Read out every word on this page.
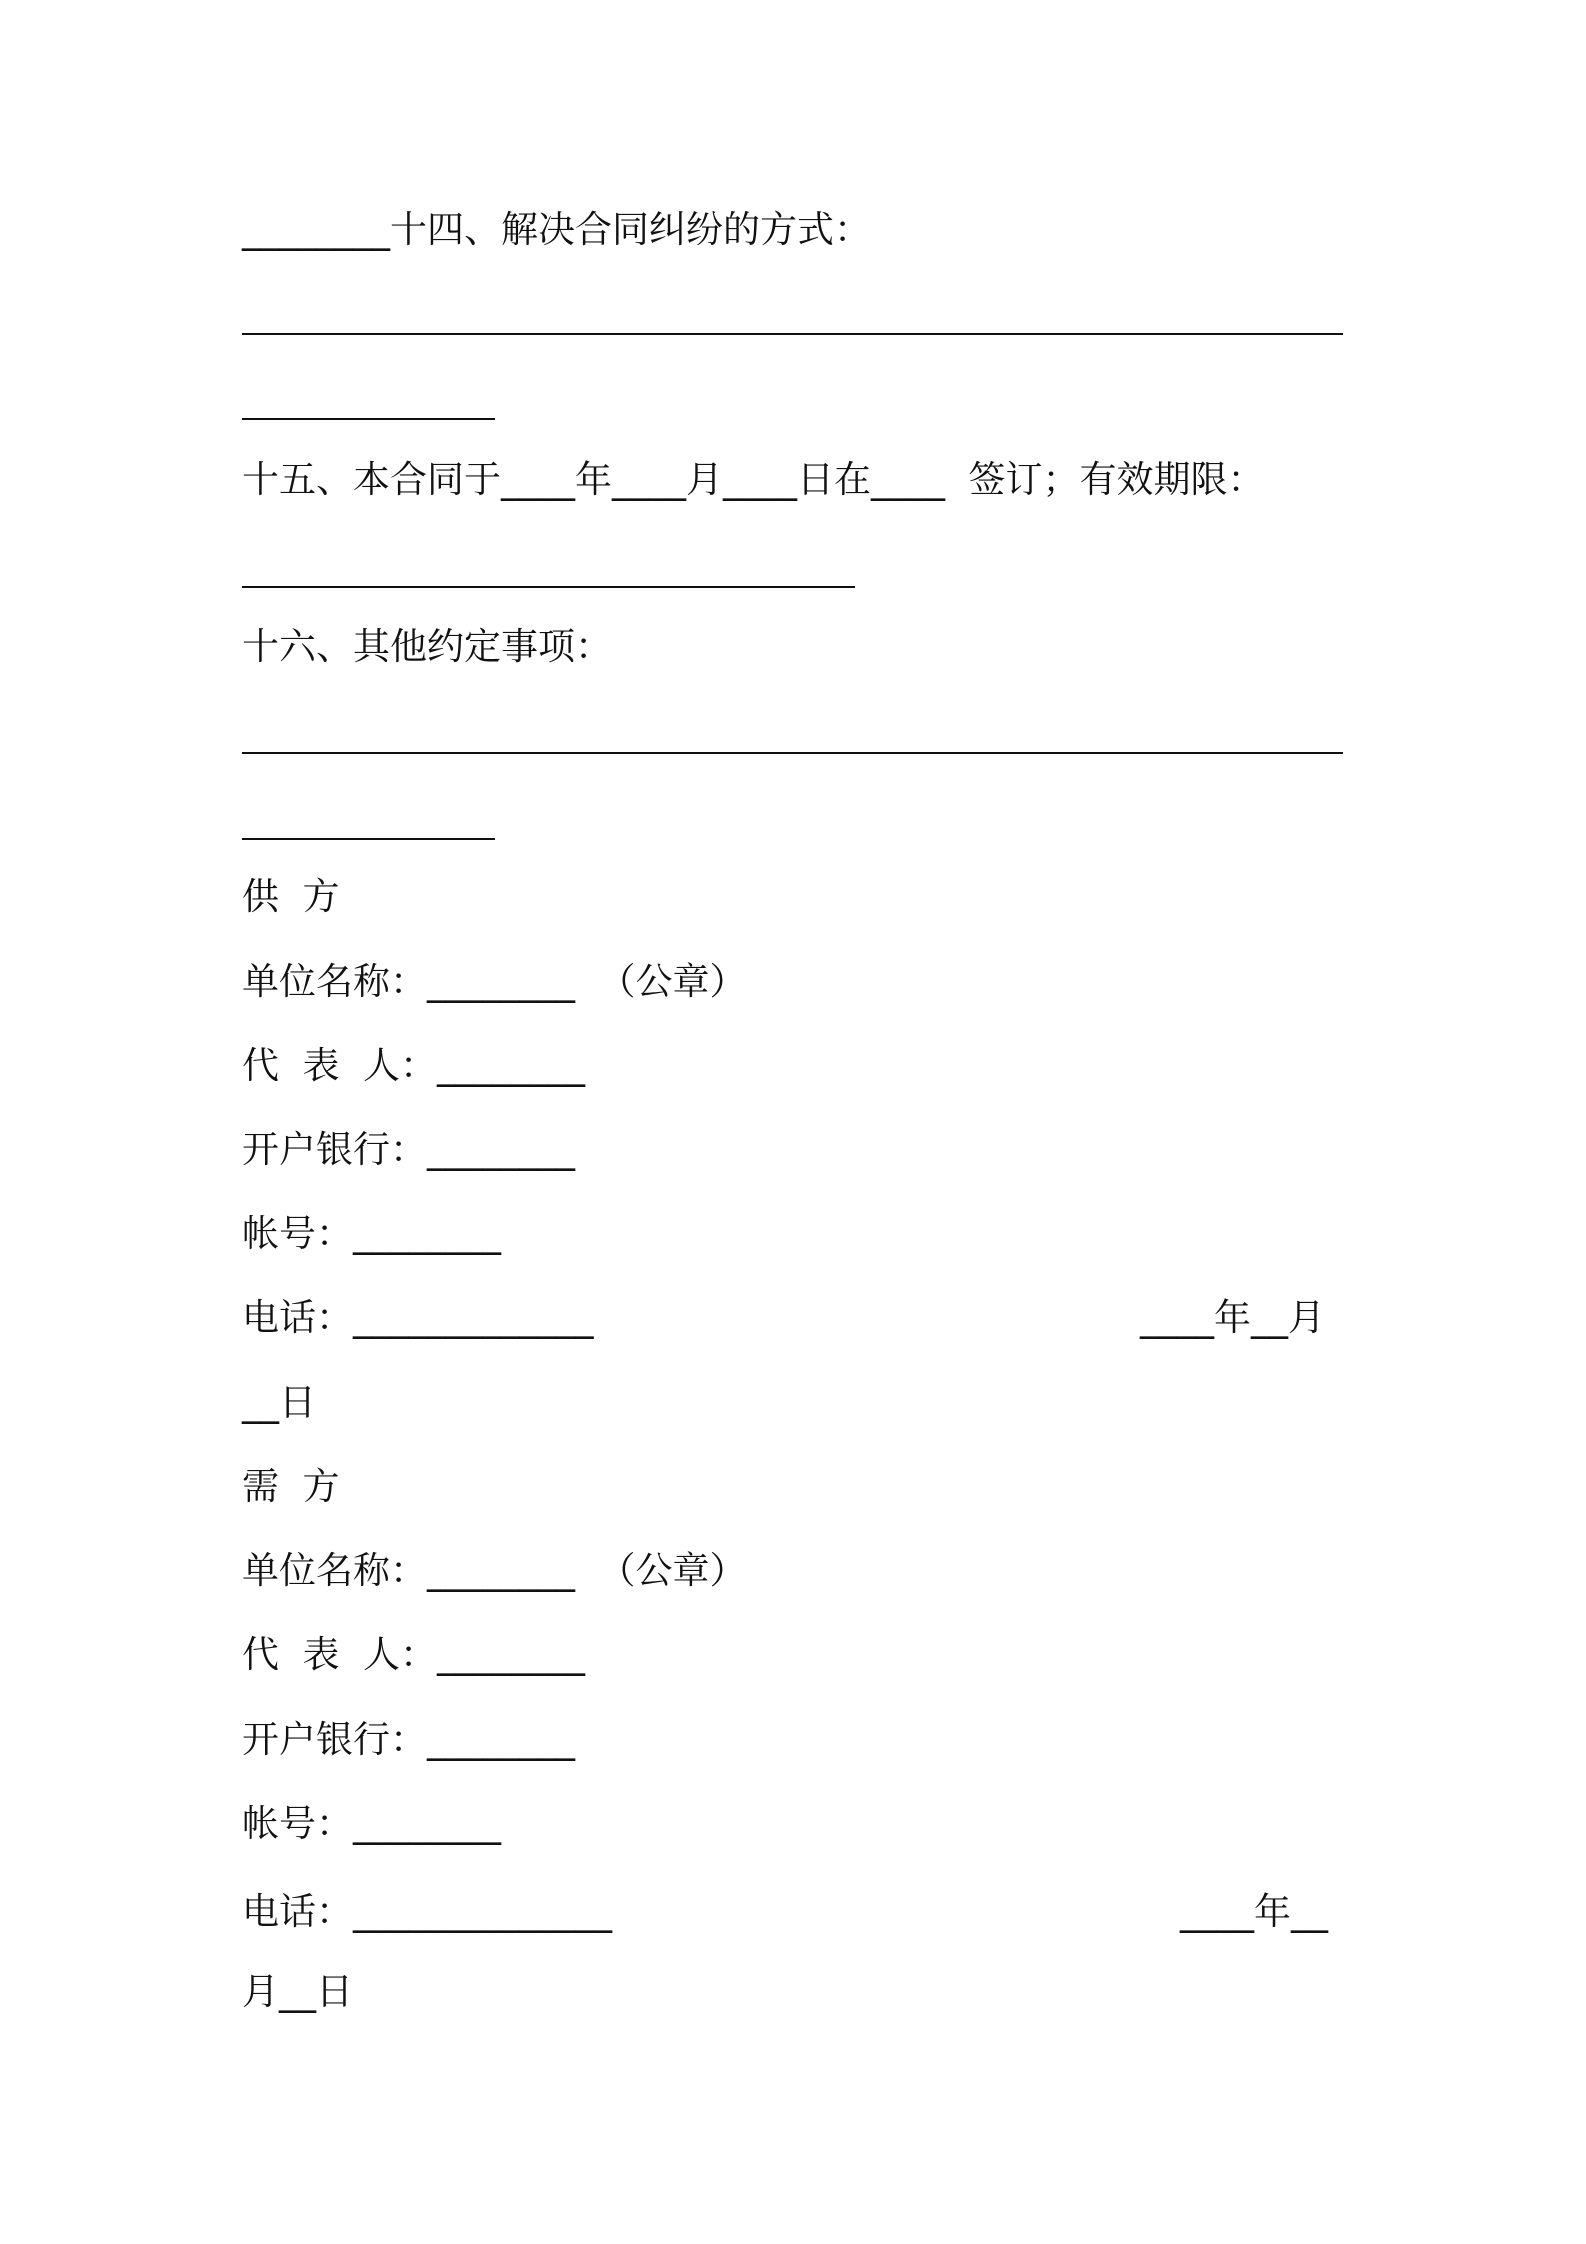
________十四、解决合同纠纷的方式：
十五、本合同于____年____月____日在____  签订；有效期限：
十六、其他约定事项：
供  方
单位名称：________  （公章）
代  表  人：________
开户银行：________
帐号：________
电话：_____________	____年__月
__日
需  方
单位名称：________  （公章）
代  表  人：________
开户银行：________
帐号：________
电话：______________	____年__
月__日
